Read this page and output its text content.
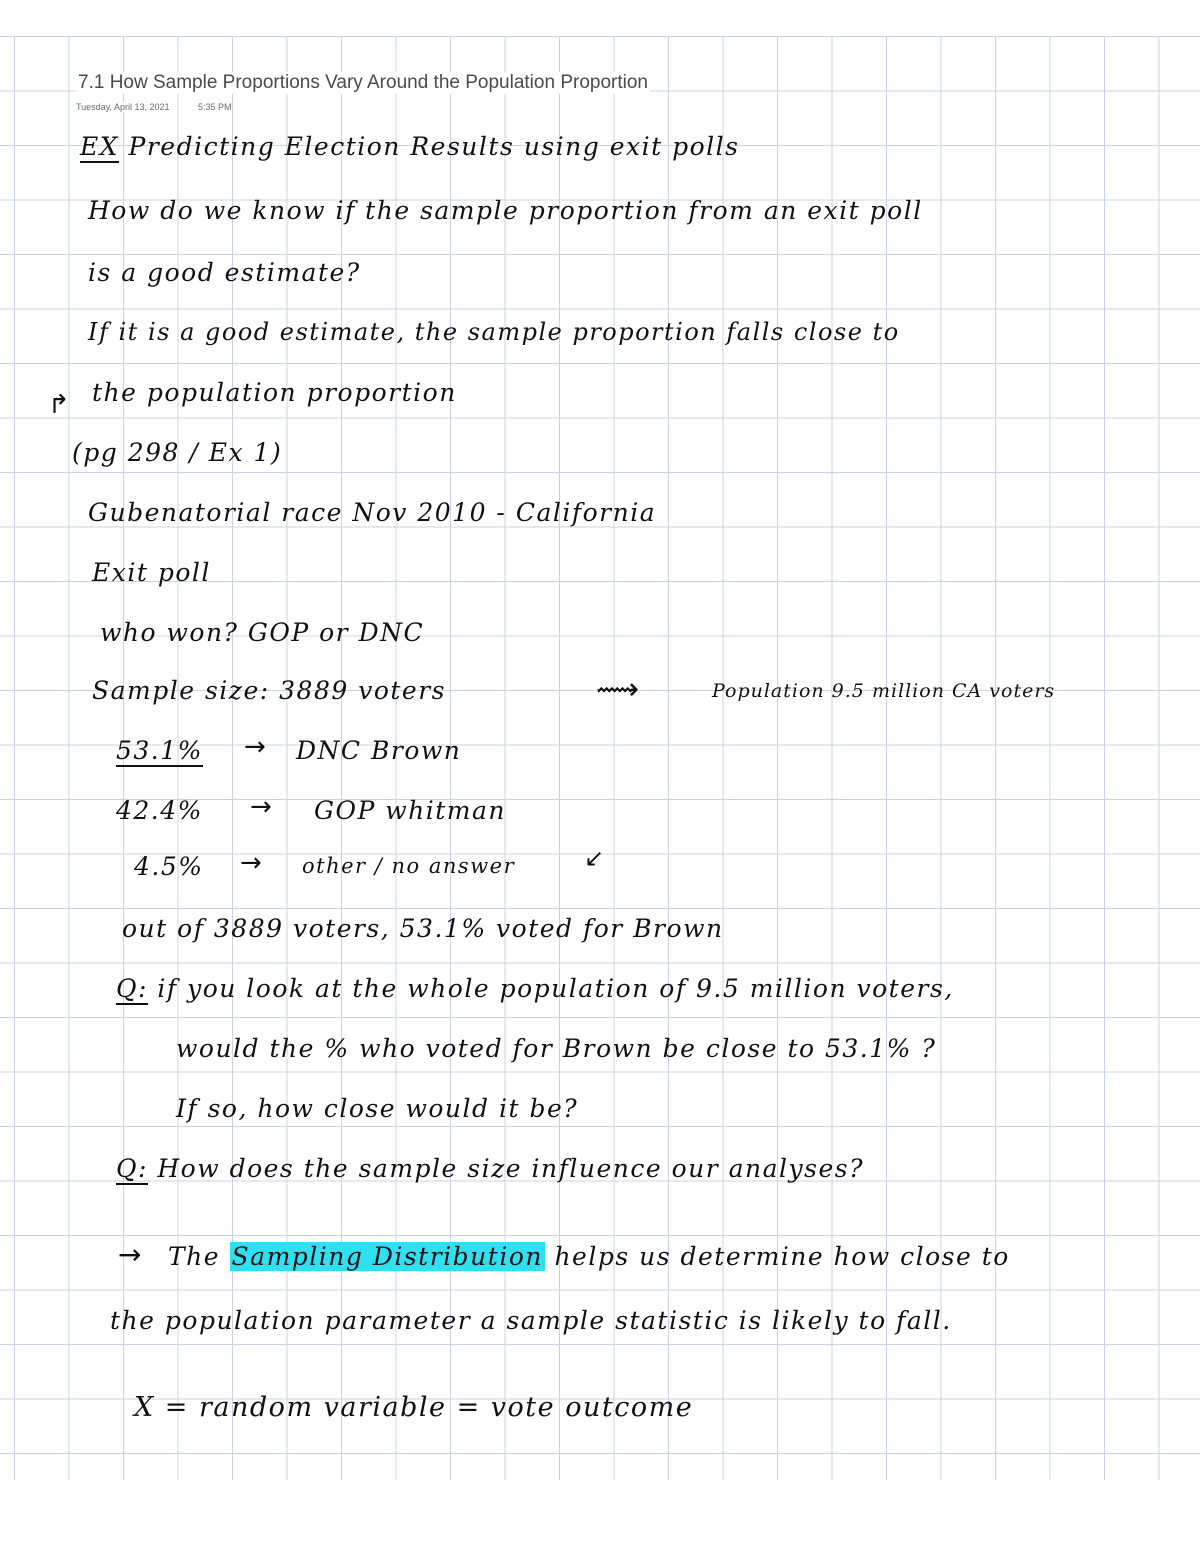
7.1 How Sample Proportions Vary Around the Population Proportion
Tuesday, April 13, 2021	5:35 PM
EX Predicting Election Results using exit polls
How do we know if the sample proportion from an exit poll
is a good estimate?
If it is a good estimate, the sample proportion falls close to
↱ the population proportion
(pg 298 / Ex 1)
Gubenatorial race Nov 2010 - California
Exit poll
who won? GOP or DNC
Sample size: 3889 voters	⟿	Population 9.5 million CA voters
53.1% → DNC Brown
42.4% → GOP whitman
4.5% → other / no answer	↙
out of 3889 voters, 53.1% voted for Brown
Q: if you look at the whole population of 9.5 million voters,
would the % who voted for Brown be close to 53.1% ?
If so, how close would it be?
Q: How does the sample size influence our analyses?
→ The Sampling Distribution helps us determine how close to
the population parameter a sample statistic is likely to fall.
X = random variable = vote outcome
